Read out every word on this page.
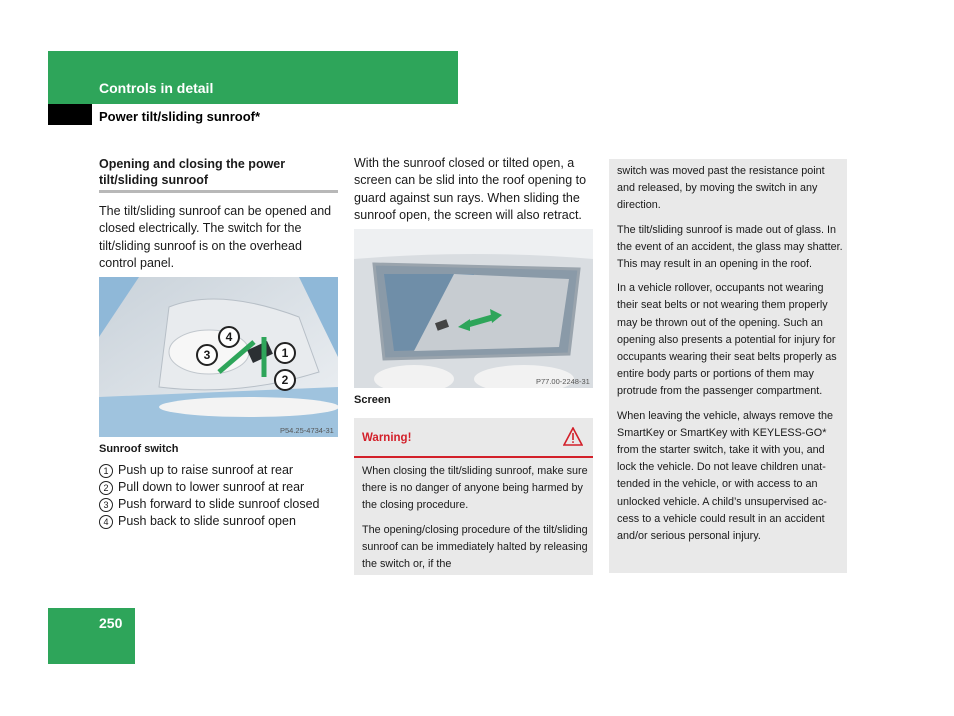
Controls in detail
Power tilt/sliding sunroof*
Opening and closing the power tilt/sliding sunroof
The tilt/sliding sunroof can be opened and closed electrically. The switch for the tilt/sliding sunroof is on the overhead control panel.
4
3	1
2
P54.25-4734-31
Sunroof switch
1 Push up to raise sunroof at rear
2 Pull down to lower sunroof at rear
3 Push forward to slide sunroof closed
4 Push back to slide sunroof open
With the sunroof closed or tilted open, a screen can be slid into the roof opening to guard against sun rays. When sliding the sunroof open, the screen will also retract.
P77.00-2248-31
Screen
Warning!

When closing the tilt/sliding sunroof, make sure there is no danger of anyone being harmed by the closing procedure.

The opening/closing procedure of the tilt/sliding sunroof can be immediately halted by releasing the switch or, if the

switch was moved past the resistance point and released, by moving the switch in any direction.

The tilt/sliding sunroof is made out of glass. In the event of an accident, the glass may shatter. This may result in an opening in the roof.

In a vehicle rollover, occupants not wearing their seat belts or not wearing them properly may be thrown out of the opening. Such an opening also presents a potential for injury for occupants wearing their seat belts properly as entire body parts or portions of them may protrude from the passenger compartment.

When leaving the vehicle, always remove the SmartKey or SmartKey with KEYLESS-GO* from the starter switch, take it with you, and lock the vehicle. Do not leave children unat-tended in the vehicle, or with access to an unlocked vehicle. A child’s unsupervised ac-cess to a vehicle could result in an accident and/or serious personal injury.

250
